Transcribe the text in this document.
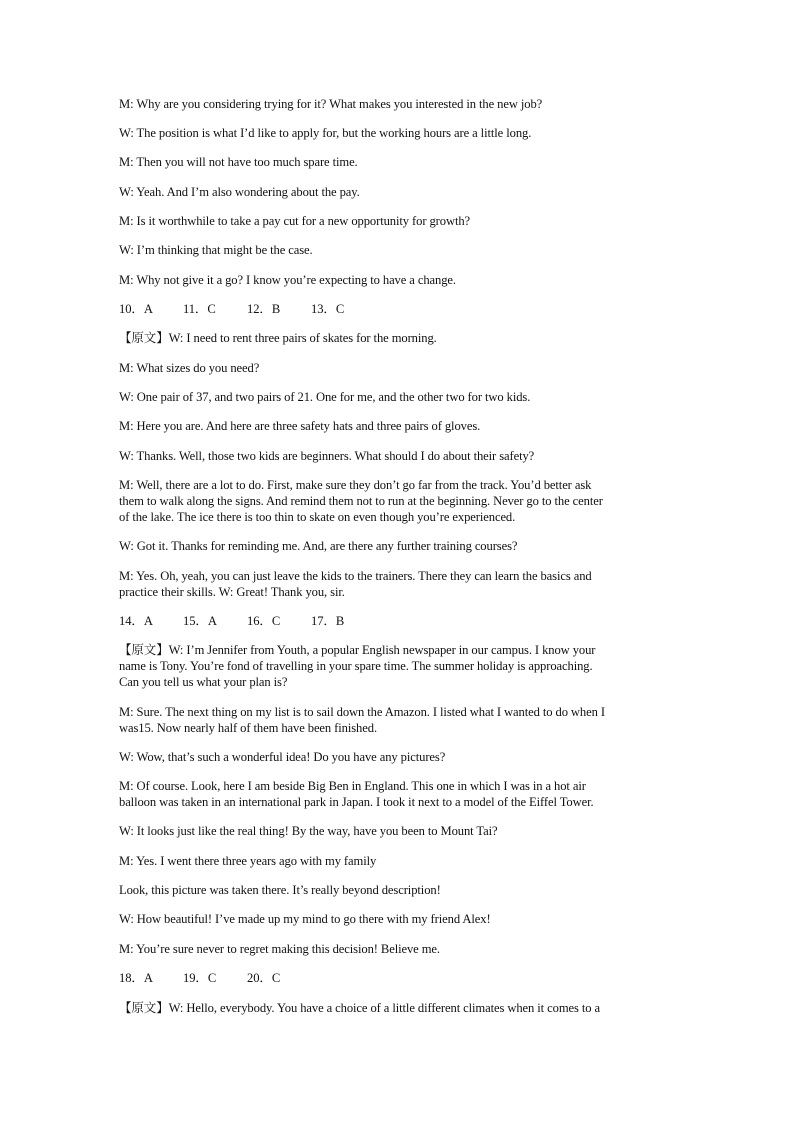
M: Why are you considering trying for it? What makes you interested in the new job?
W: The position is what I’d like to apply for, but the working hours are a little long.
M: Then you will not have too much spare time.
W: Yeah. And I’m also wondering about the pay.
M: Is it worthwhile to take a pay cut for a new opportunity for growth?
W: I’m thinking that might be the case.
M: Why not give it a go? I know you’re expecting to have a change.
10．A 11．C 12．B 13．C
【原文】W: I need to rent three pairs of skates for the morning.
M: What sizes do you need?
W: One pair of 37, and two pairs of 21. One for me, and the other two for two kids.
M: Here you are. And here are three safety hats and three pairs of gloves.
W: Thanks. Well, those two kids are beginners. What should I do about their safety?
M: Well, there are a lot to do. First, make sure they don’t go far from the track. You’d better ask
them to walk along the signs. And remind them not to run at the beginning. Never go to the center
of the lake. The ice there is too thin to skate on even though you’re experienced.
W: Got it. Thanks for reminding me. And, are there any further training courses?
M: Yes. Oh, yeah, you can just leave the kids to the trainers. There they can learn the basics and
practice their skills. W: Great! Thank you, sir.
14．A 15．A 16．C 17．B
【原文】W: I’m Jennifer from Youth, a popular English newspaper in our campus. I know your
name is Tony. You’re fond of travelling in your spare time. The summer holiday is approaching.
Can you tell us what your plan is?
M: Sure. The next thing on my list is to sail down the Amazon. I listed what I wanted to do when I
was15. Now nearly half of them have been finished.
W: Wow, that’s such a wonderful idea! Do you have any pictures?
M: Of course. Look, here I am beside Big Ben in England. This one in which I was in a hot air
balloon was taken in an international park in Japan. I took it next to a model of the Eiffel Tower.
W: It looks just like the real thing! By the way, have you been to Mount Tai?
M: Yes. I went there three years ago with my family
Look, this picture was taken there. It’s really beyond description!
W: How beautiful! I’ve made up my mind to go there with my friend Alex!
M: You’re sure never to regret making this decision! Believe me.
18．A 19．C 20．C
【原文】W: Hello, everybody. You have a choice of a little different climates when it comes to a
